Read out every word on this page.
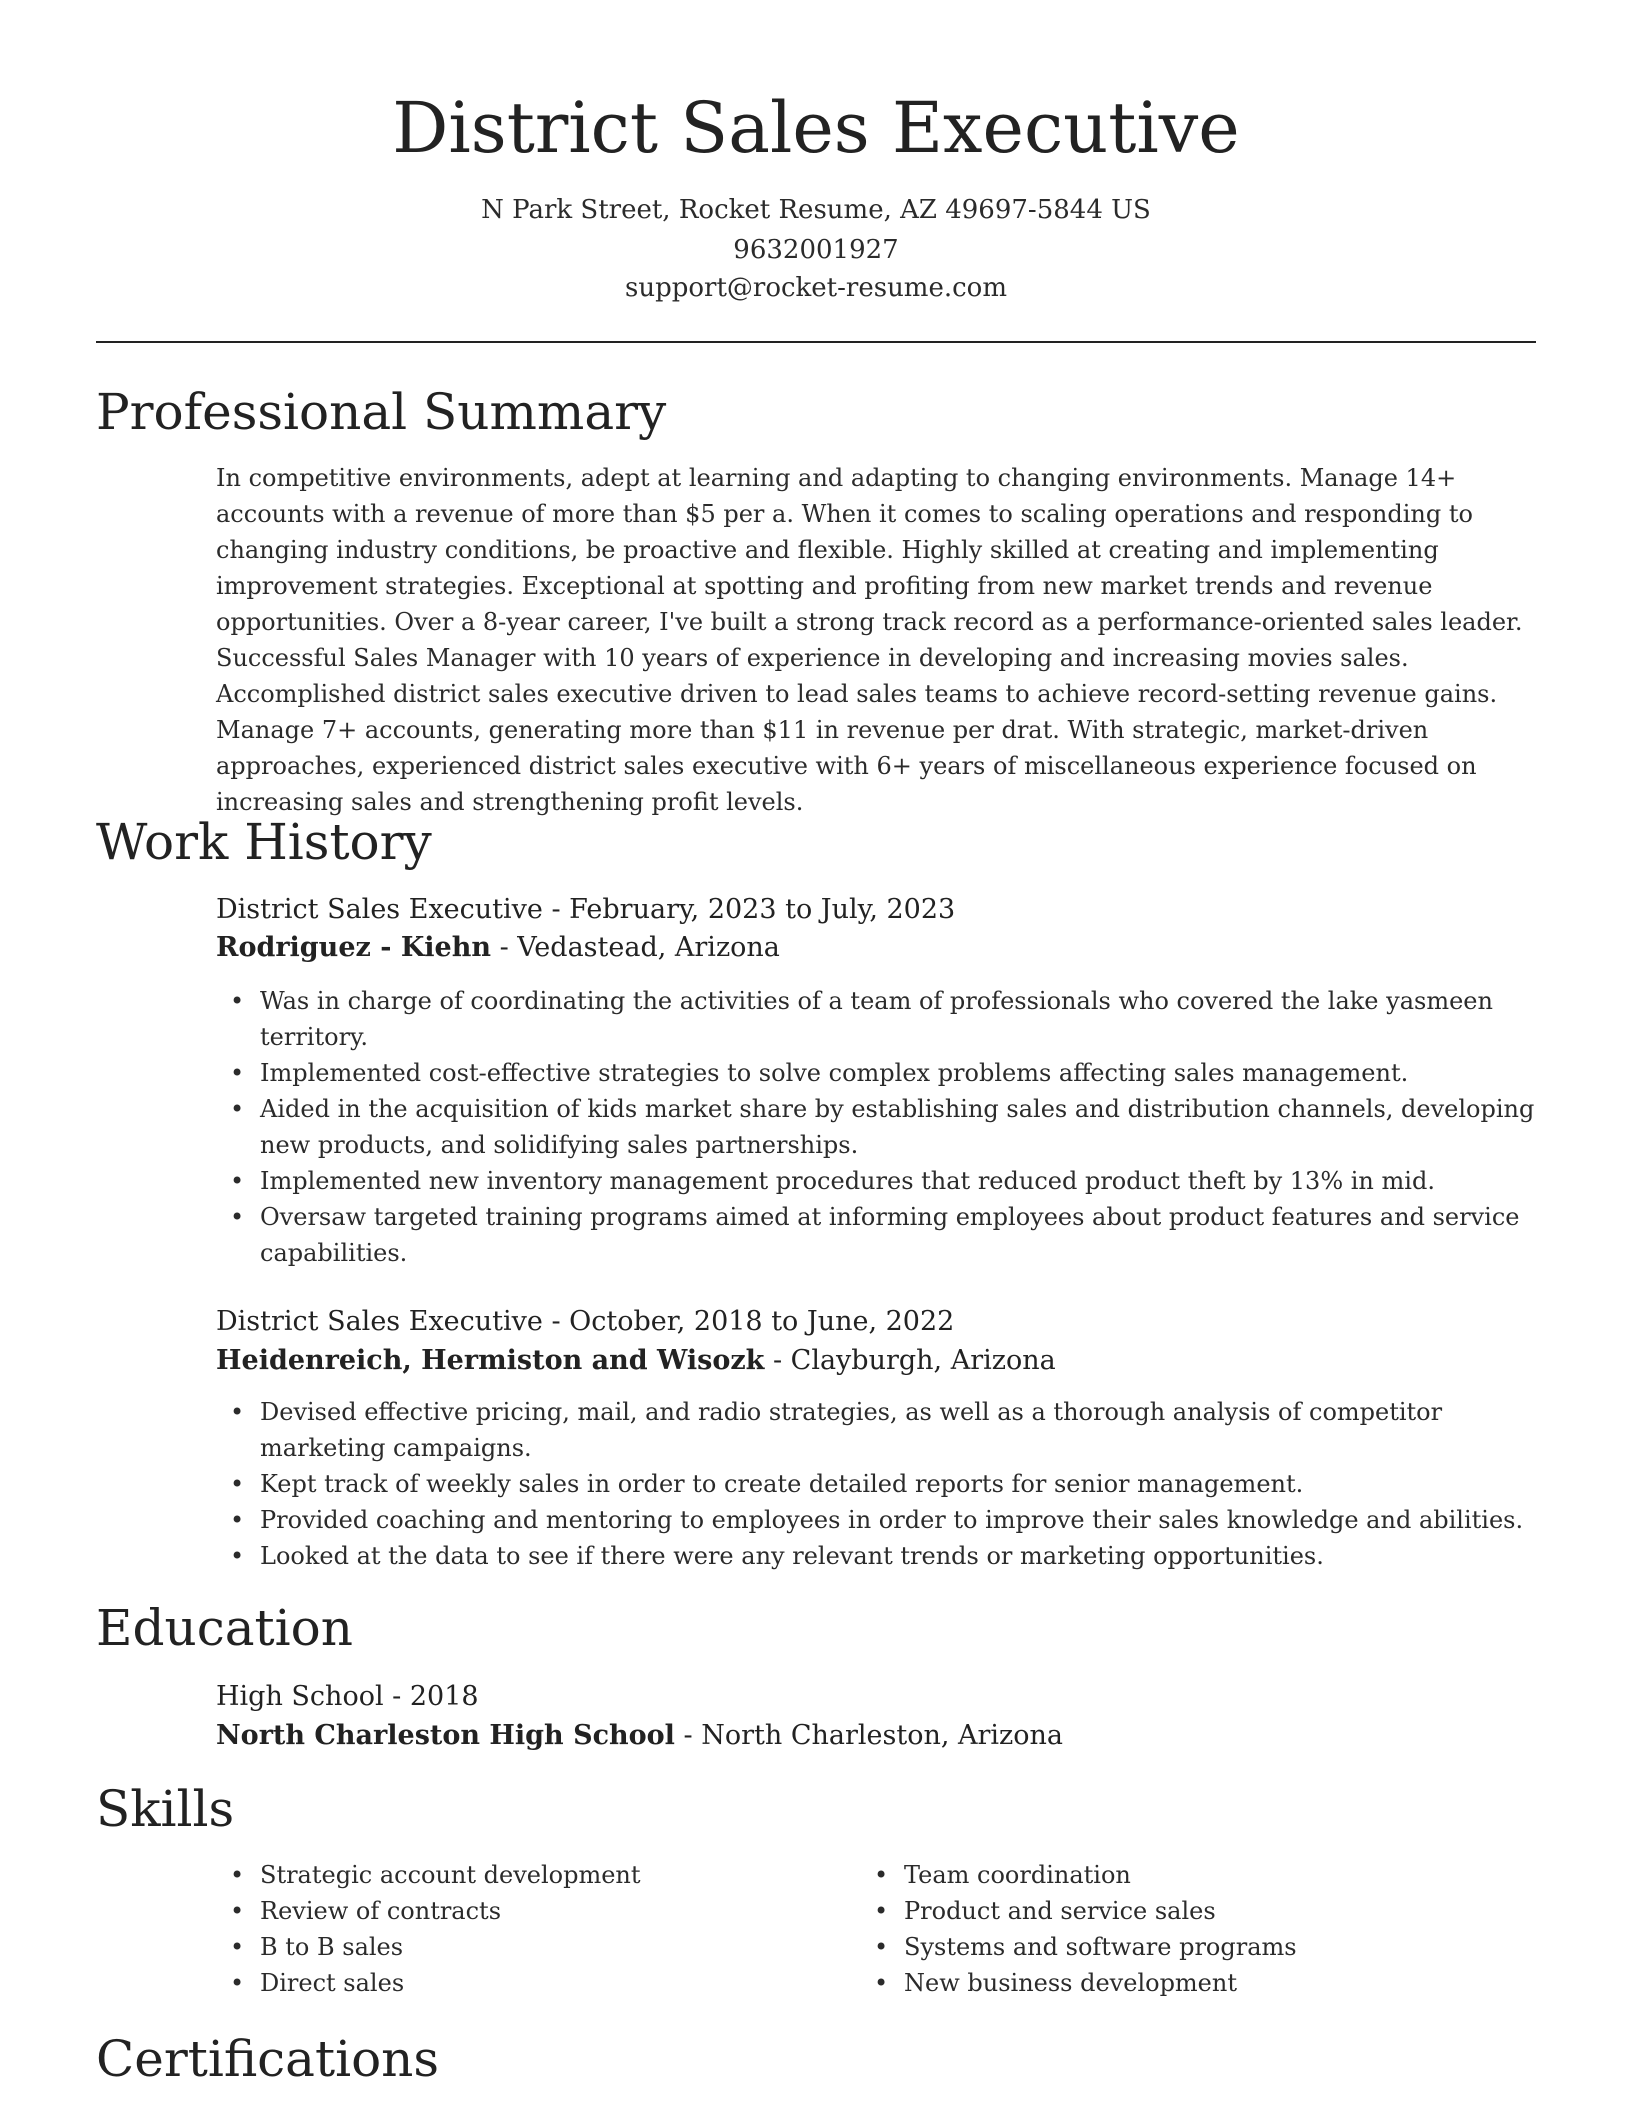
District Sales Executive
N Park Street, Rocket Resume, AZ 49697-5844 US
9632001927
support@rocket-resume.com
Professional Summary

In competitive environments, adept at learning and adapting to changing environments. Manage 14+ accounts with a revenue of more than $5 per a. When it comes to scaling operations and responding to changing industry conditions, be proactive and flexible. Highly skilled at creating and implementing improvement strategies. Exceptional at spotting and profiting from new market trends and revenue opportunities. Over a 8-year career, I've built a strong track record as a performance-oriented sales leader. Successful Sales Manager with 10 years of experience in developing and increasing movies sales. Accomplished district sales executive driven to lead sales teams to achieve record-setting revenue gains. Manage 7+ accounts, generating more than $11 in revenue per drat. With strategic, market-driven approaches, experienced district sales executive with 6+ years of miscellaneous experience focused on increasing sales and strengthening profit levels.

Work History
District Sales Executive - February, 2023 to July, 2023
Rodriguez - Kiehn - Vedastead, Arizona
• Was in charge of coordinating the activities of a team of professionals who covered the lake yasmeen territory.
• Implemented cost-effective strategies to solve complex problems affecting sales management.
• Aided in the acquisition of kids market share by establishing sales and distribution channels, developing new products, and solidifying sales partnerships.
• Implemented new inventory management procedures that reduced product theft by 13% in mid.
• Oversaw targeted training programs aimed at informing employees about product features and service capabilities.
District Sales Executive - October, 2018 to June, 2022
Heidenreich, Hermiston and Wisozk - Clayburgh, Arizona
• Devised effective pricing, mail, and radio strategies, as well as a thorough analysis of competitor marketing campaigns.
• Kept track of weekly sales in order to create detailed reports for senior management.
• Provided coaching and mentoring to employees in order to improve their sales knowledge and abilities.
• Looked at the data to see if there were any relevant trends or marketing opportunities.
Education
High School - 2018
North Charleston High School - North Charleston, Arizona
Skills
• Strategic account development
• Review of contracts
• B to B sales
• Direct sales
• Team coordination
• Product and service sales
• Systems and software programs
• New business development
Certifications
